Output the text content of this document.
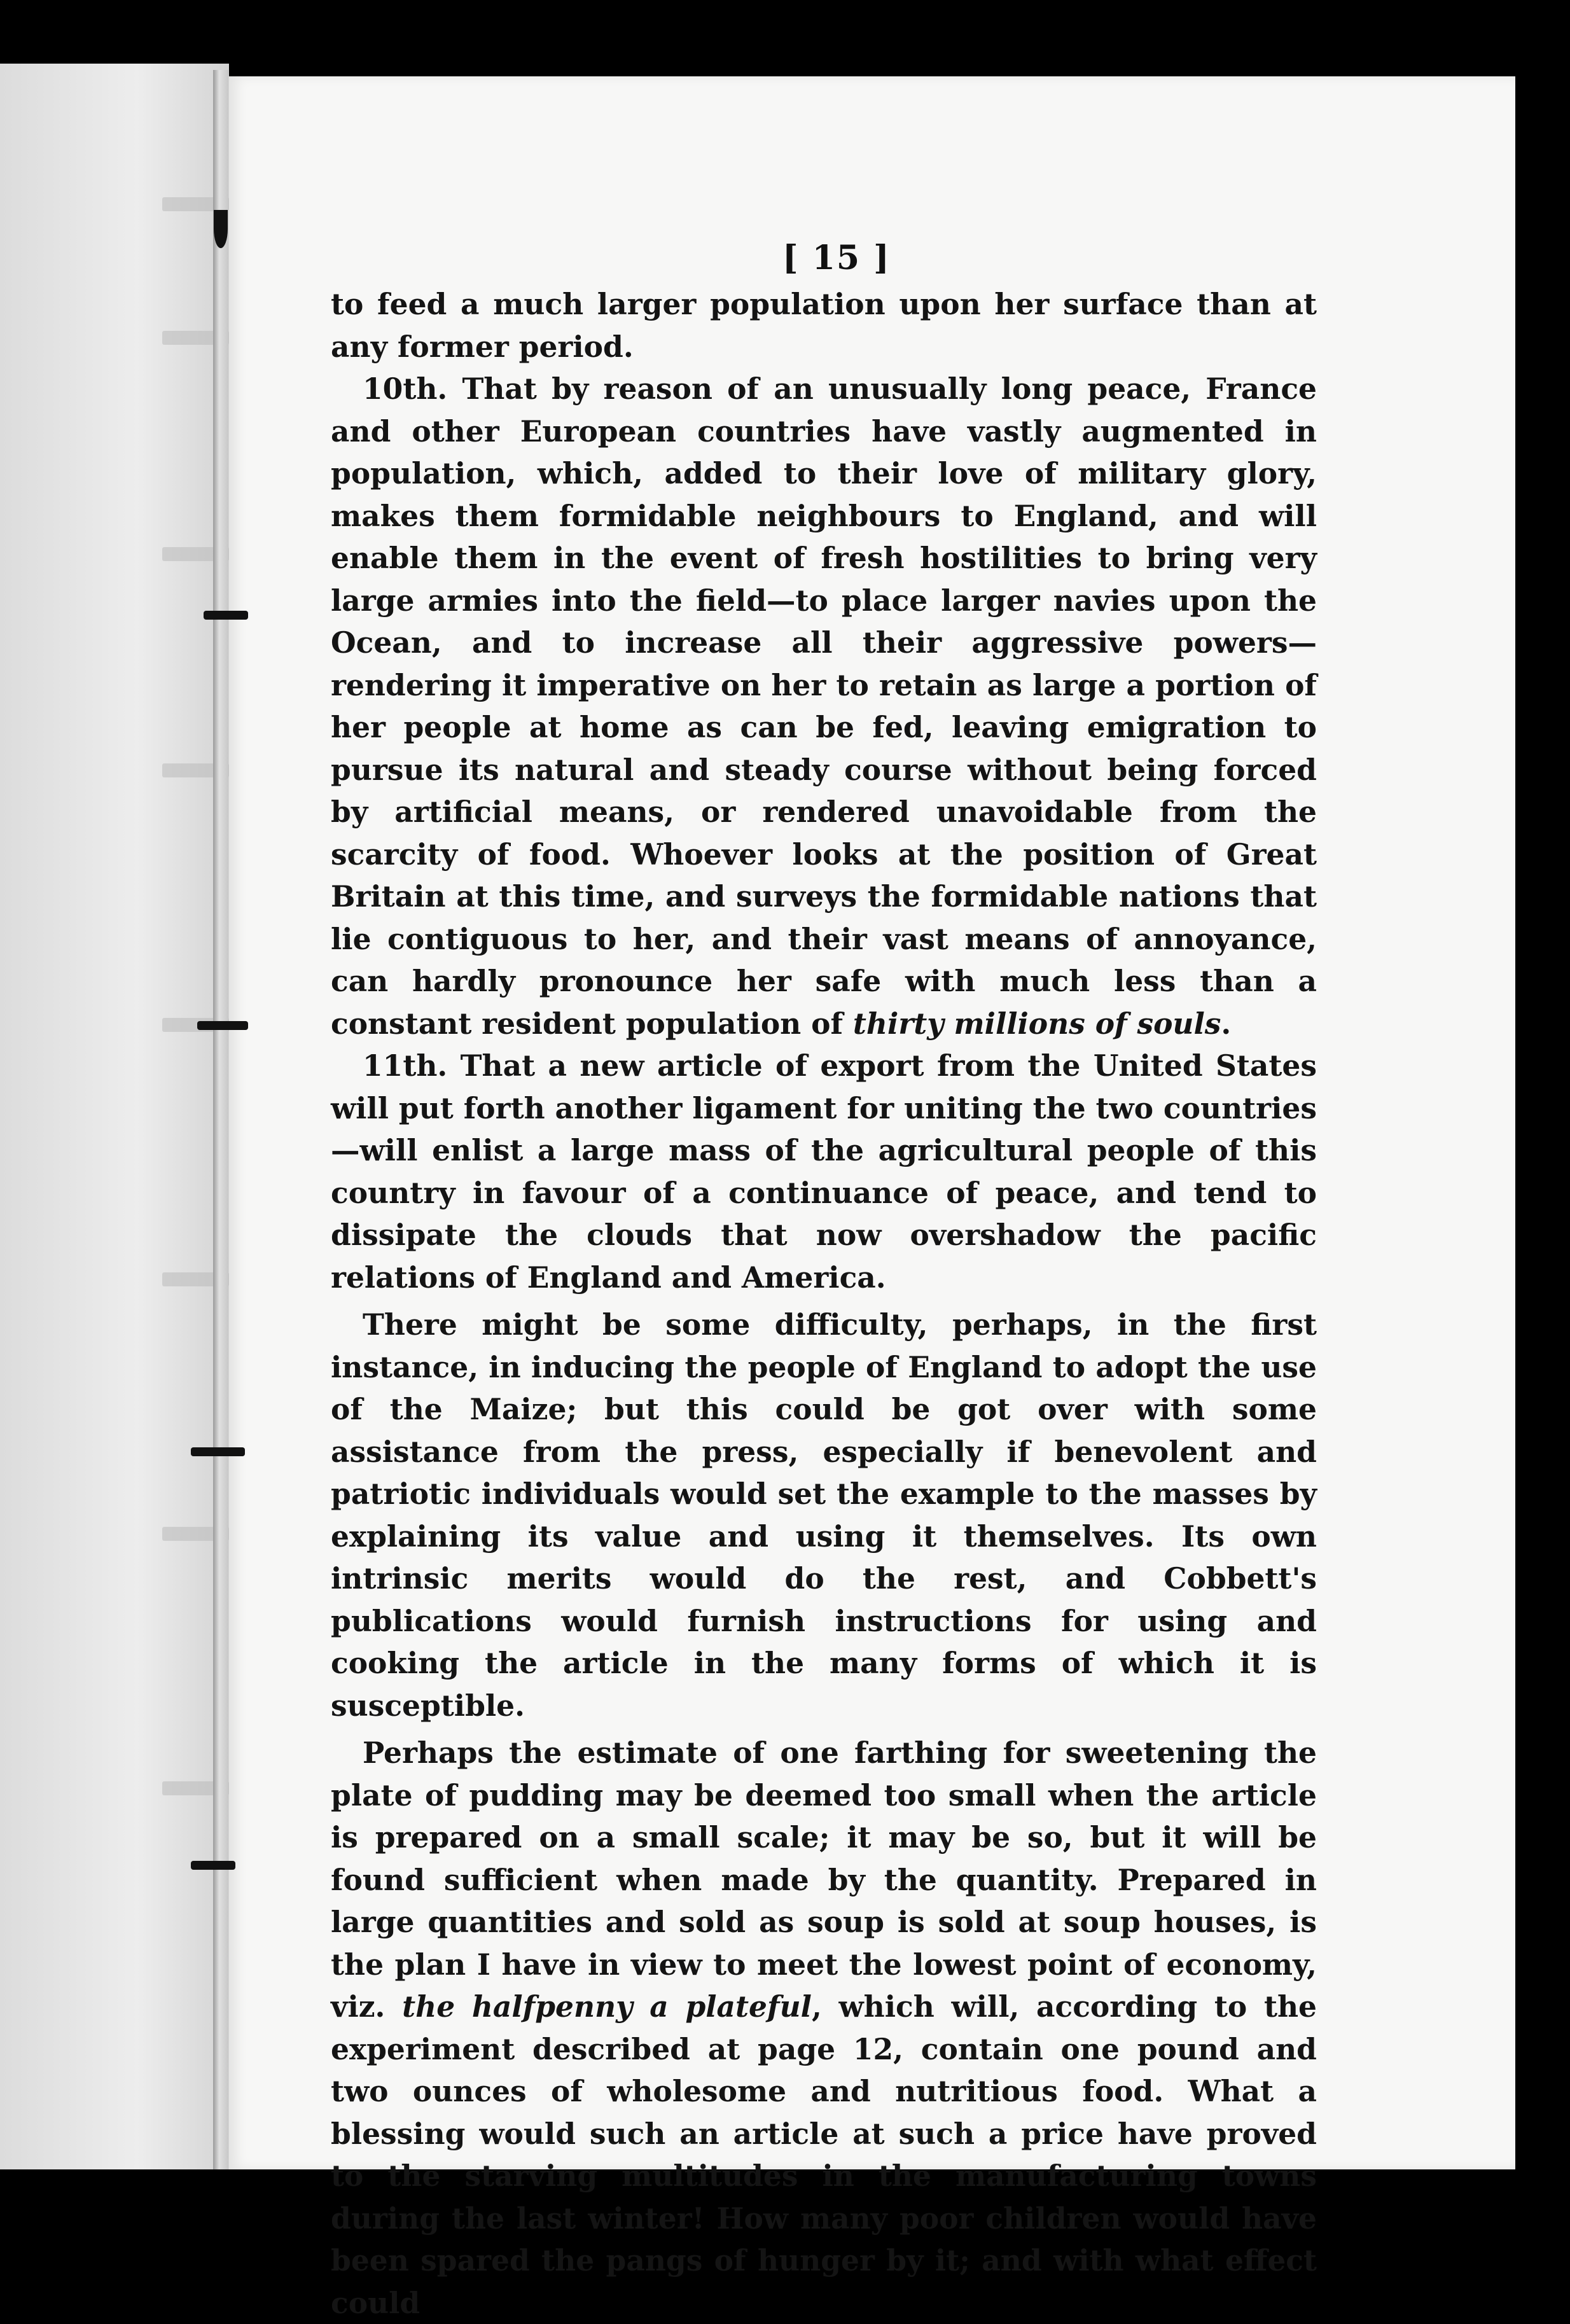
[ 15 ]

to feed a much larger population upon her surface than at any former period.

10th. That by reason of an unusually long peace, France and other European countries have vastly augmented in population, which, added to their love of military glory, makes them formidable neighbours to England, and will enable them in the event of fresh hostilities to bring very large armies into the field—to place larger navies upon the Ocean, and to increase all their aggressive powers—rendering it imperative on her to retain as large a portion of her people at home as can be fed, leaving emigration to pursue its natural and steady course without being forced by artificial means, or rendered unavoidable from the scarcity of food. Whoever looks at the position of Great Britain at this time, and surveys the formidable nations that lie contiguous to her, and their vast means of annoyance, can hardly pronounce her safe with much less than a constant resident population of thirty millions of souls.

11th. That a new article of export from the United States will put forth another ligament for uniting the two countries—will enlist a large mass of the agricultural people of this country in favour of a continuance of peace, and tend to dissipate the clouds that now overshadow the pacific relations of England and America.

There might be some difficulty, perhaps, in the first instance, in inducing the people of England to adopt the use of the Maize; but this could be got over with some assistance from the press, especially if benevolent and patriotic individuals would set the example to the masses by explaining its value and using it themselves. Its own intrinsic merits would do the rest, and Cobbett's publications would furnish instructions for using and cooking the article in the many forms of which it is susceptible.

Perhaps the estimate of one farthing for sweetening the plate of pudding may be deemed too small when the article is prepared on a small scale; it may be so, but it will be found sufficient when made by the quantity. Prepared in large quantities and sold as soup is sold at soup houses, is the plan I have in view to meet the lowest point of economy, viz. the halfpenny a plateful, which will, according to the experiment described at page 12, contain one pound and two ounces of wholesome and nutritious food. What a blessing would such an article at such a price have proved to the starving multitudes in the manufacturing towns during the last winter! How many poor children would have been spared the pangs of hunger by it; and with what effect could
